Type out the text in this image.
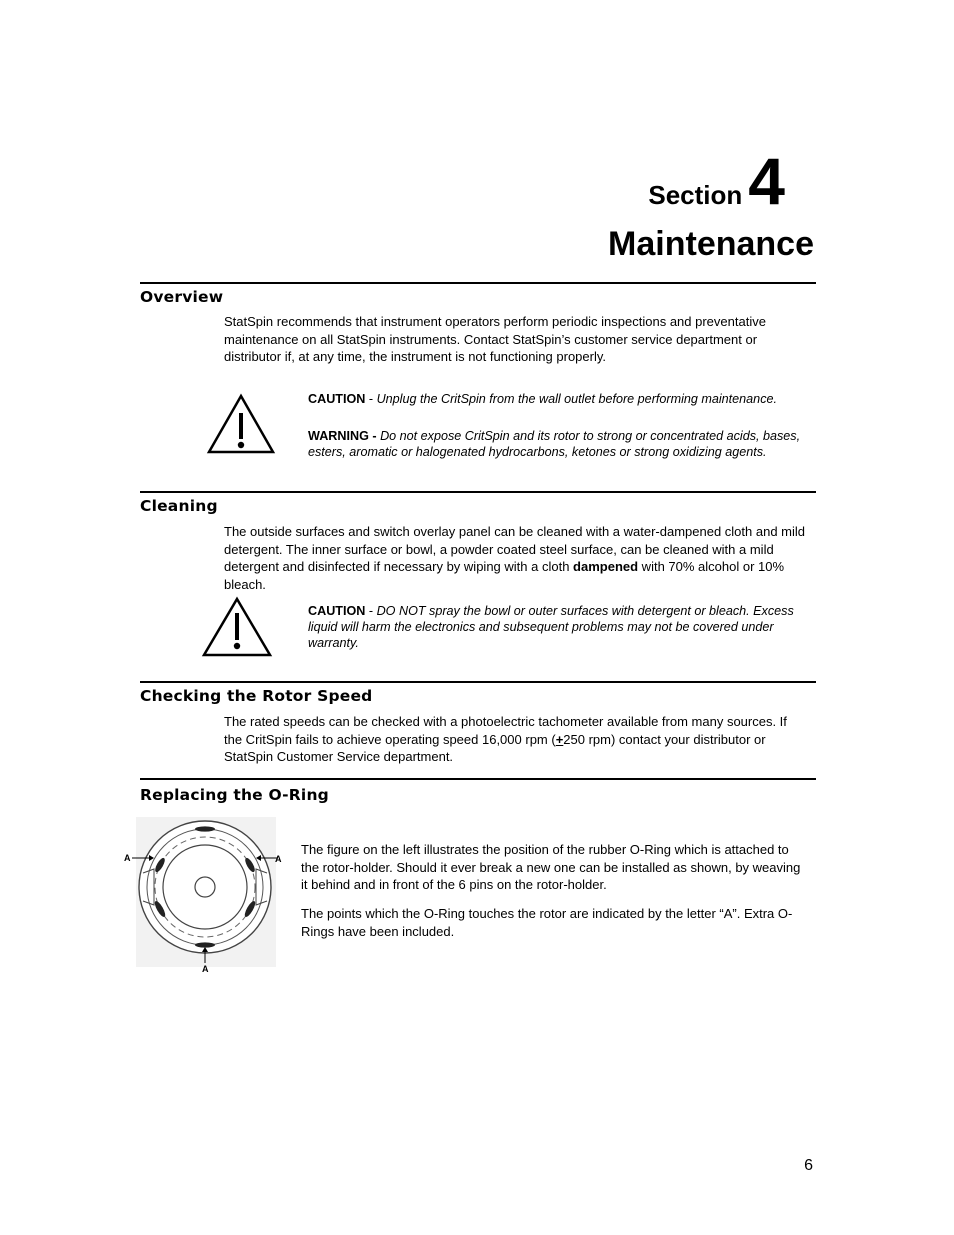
Section 4
Maintenance
Overview
StatSpin recommends that instrument operators perform periodic inspections and preventative maintenance on all StatSpin instruments. Contact StatSpin’s customer service department or distributor if, at any time, the instrument is not functioning properly.
CAUTION - Unplug the CritSpin from the wall outlet before performing maintenance.
WARNING - Do not expose CritSpin and its rotor to strong or concentrated acids, bases, esters, aromatic or halogenated hydrocarbons, ketones or strong oxidizing agents.
Cleaning
The outside surfaces and switch overlay panel can be cleaned with a water-dampened cloth and mild detergent. The inner surface or bowl, a powder coated steel surface, can be cleaned with a mild detergent and disinfected if necessary by wiping with a cloth dampened with 70% alcohol or 10% bleach.
CAUTION - DO NOT spray the bowl or outer surfaces with detergent or bleach. Excess liquid will harm the electronics and subsequent problems may not be covered under warranty.
Checking the Rotor Speed
The rated speeds can be checked with a photoelectric tachometer available from many sources. If the CritSpin fails to achieve operating speed 16,000 rpm (+250 rpm) contact your distributor or StatSpin Customer Service department.
Replacing the O-Ring
A	A
A
The figure on the left illustrates the position of the rubber O-Ring which is attached to the rotor-holder. Should it ever break a new one can be installed as shown, by weaving it behind and in front of the 6 pins on the rotor-holder.
The points which the O-Ring touches the rotor are indicated by the letter “A”. Extra O-Rings have been included.
6
